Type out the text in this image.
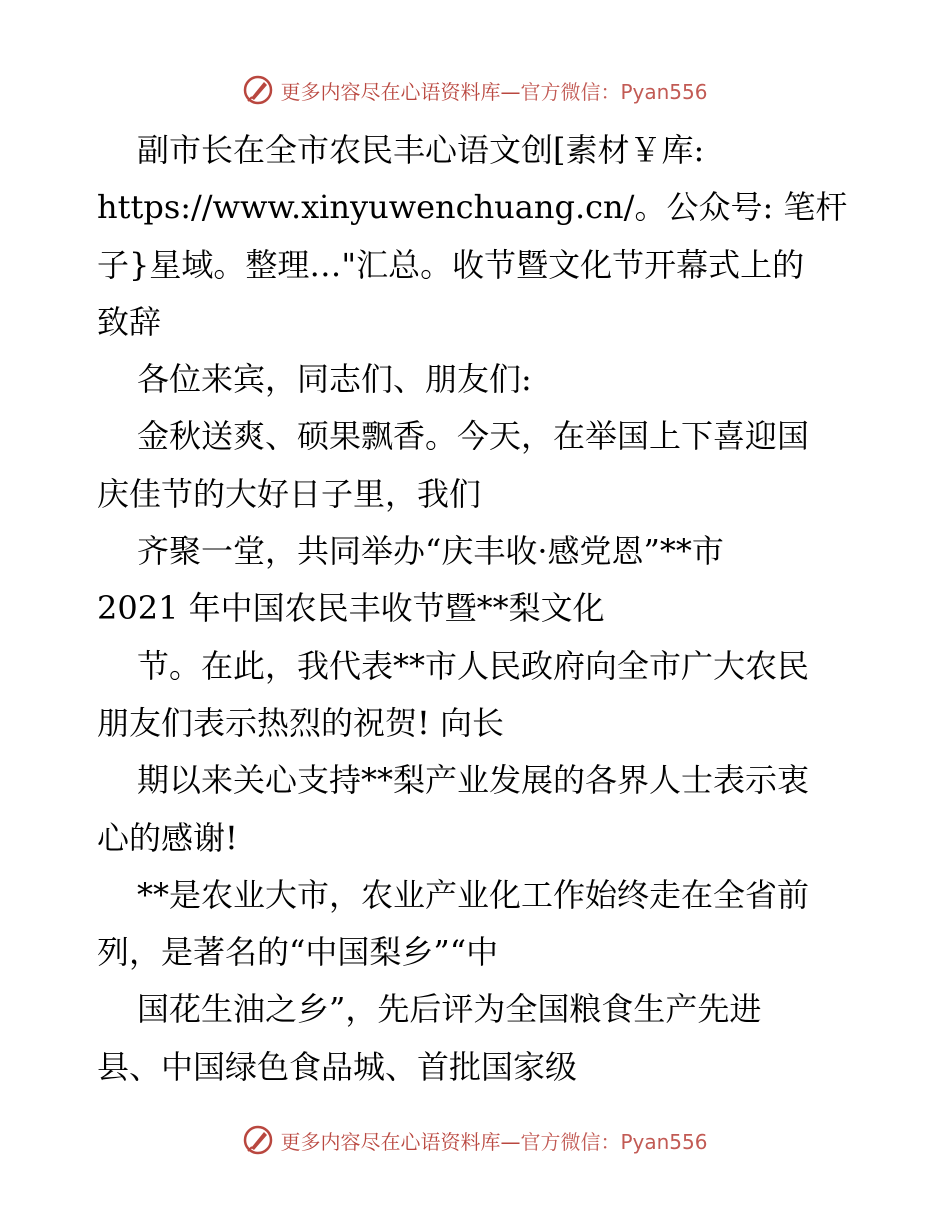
更多内容尽在心语资料库—官方微信：Pyan556
副市长在全市农民丰心语文创[素材￥库:
https://www.xinyuwenchuang.cn/。公众号: 笔杆
子}星域。整理…"汇总。收节暨文化节开幕式上的
致辞
各位来宾，同志们、朋友们:
金秋送爽、硕果飘香。今天，在举国上下喜迎国
庆佳节的大好日子里，我们
齐聚一堂，共同举办“庆丰收·感党恩”**市
2021 年中国农民丰收节暨**梨文化
节。在此，我代表**市人民政府向全市广大农民
朋友们表示热烈的祝贺! 向长
期以来关心支持**梨产业发展的各界人士表示衷
心的感谢!
**是农业大市，农业产业化工作始终走在全省前
列，是著名的“中国梨乡”“中
国花生油之乡”，先后评为全国粮食生产先进
县、中国绿色食品城、首批国家级
更多内容尽在心语资料库—官方微信：Pyan556
